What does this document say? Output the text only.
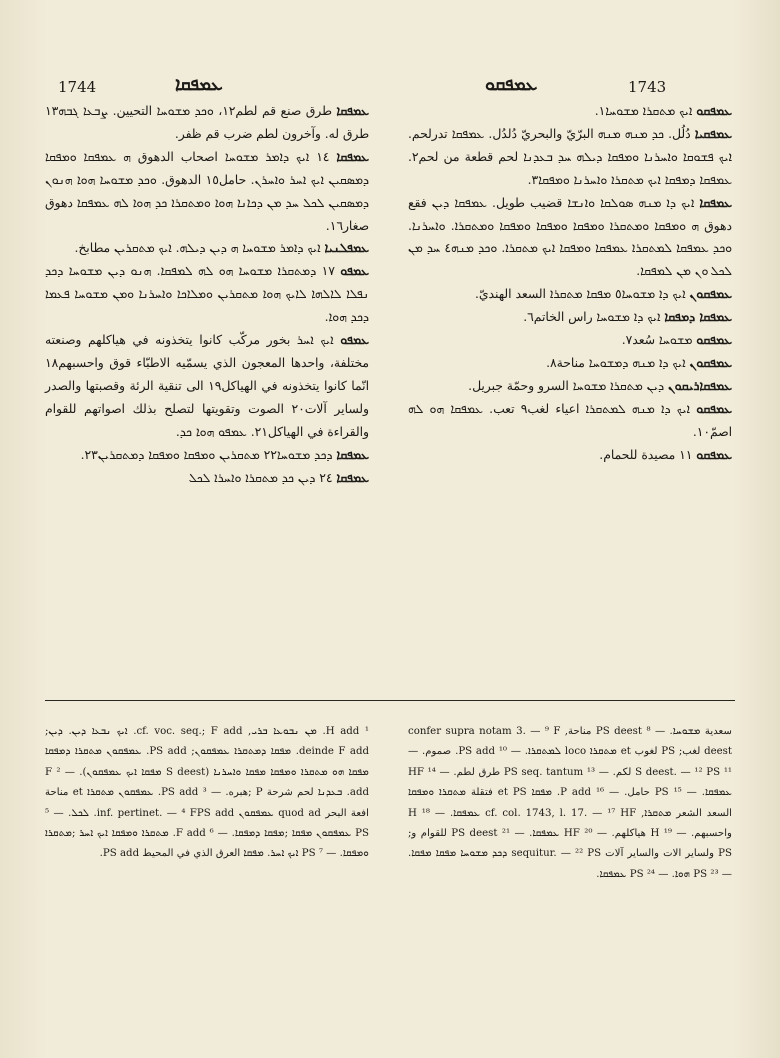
1744	ܥܡܦܩܐ	ܥܡܦܩܘ	1743

ܥܡܦܩܐ طرق صنع قم لطم١٢، ܘܟܕ ܡܫܘܚܐ التحيين. ܨܒܥܐ ܓܒܗ١٣ طرق له. وآخرون لطم ضرب قم ظفر.

ܥܡܦܩܐ ١٤ ܐܝܟ ܕܐܡܪ ܡܫܘܚܐ اصحاب الدهوق ܗ ܥܡܦܩܐ ܘܡܦܩܐ ܕܡܣܩܝܢ ܐܝܟ ܐܚܪ ܘܐܚܪܢ. حامل١٥ الدهوق. ܘܟܕ ܡܫܘܚܐ ܗܘܐ ܗܢܘܢ ܕܡܣܩܝܢ ܠܟܠ ܚܕ ܡܢ ܕܟܐܢܐ ܗܘܐ ܘܡܬܩܪܐ ܟܕ ܗܘܐ ܠܗ ܥܡܦܩܐ دهوق صغار١٦.

ܥܡܦܠܢܝܐ ܐܝܟ ܕܐܡܪ ܡܫܘܚܐ ܗ ܕܝܢ ܕܝܠܗ. ܐܝܟ ܡܬܩܪܝܢ مطابخ.

ܥܡܦܘ ١٧ ܕܡܬܩܪܐ ܡܫܘܚܐ ܗܘ ܠܗ ܠܡܦܩܐ. ܗܢܘ ܕܝܢ ܡܫܘܚܐ ܕܟܕ ܢܦܠܐ ܠܐܠܗܐ ܠܐܝܟ ܗܘܐ ܡܬܩܪܝܢ ܘܡܠܐܟܐ ܘܐܚܪܢܐ ܘܡܢ ܡܫܘܚܐ ܦܥܡܐ ܕܟܕ ܗܘܐ.

ܥܡܦܘ ܐܝܟ ܐܚܪ بخور مركّب كانوا يتخذونه في هياكلهم وصنعته مختلفة، واحدها المعجون الذي يسمّيه الاطبّاء قوق واحسبهم١٨ انّما كانوا يتخذونه في الهياكل١٩ الى تنقية الرئة وقصبتها والصدر ولساير آلات٢٠ الصوت وتقويتها لتصلح بذلك اصواتهم للقوام والقراءة في الهياكل٢١. ܥܡܦܘ ܗܘܐ ܟܕ.

ܥܡܦܩܐ ܕܟܕ ܡܫܘܚܐ٢٢ ܡܬܩܪܝܢ ܘܡܦܩܐ ܘܡܦܩܐ ܕܡܬܩܪܝܢ٢٣.

ܥܡܦܩܐ ٢٤ ܕܝܢ ܟܕ ܡܬܩܪܐ ܘܐܚܪܐ ܠܟܠ

ܥܡܦܩܘ ܐܝܟ ܡܬܩܪܐ ܡܫܘܚܐ١.

ܥܡܦܩܝܐ دُلُل. ܟܕ ܡܢܗ ܡܢܗ البرّيّ والبحريّ دُلدُل. ܥܡܦܩܐ تدرلحم. ܐܝܟ ܦܫܘܩܐ ܘܐܚܪܢܐ ܘܡܦܩܐ ܕܝܠܗ ܚܕ ܒܥܕܢܐ لحم قطعة من لحم٢. ܥܡܦܩܐ ܕܡܦܩܐ ܐܝܟ ܡܬܩܪܐ ܘܐܚܪܢܐ ܘܡܦܩܐ٣.

ܥܡܦܩܐ ܐܝܟ ܕܐ ܡܢܗ ܣܘܠܩܐ ܘܐܢܫܐ قضيب طويل. ܥܡܦܩܐ ܕܝܢ فقع دهوق ܗ ܘܡܦܩܐ ܘܡܬܩܪܐ ܘܡܦܩܐ ܘܡܦܩܐ ܘܡܦܩܐ ܘܡܬܩܪܐ. ܘܐܚܪܢܐ. ܘܟܕ ܥܡܦܩܐ ܠܡܬܩܪܐ ܥܡܦܩܐ ܘܡܦܩܐ ܐܝܟ ܡܬܩܪܐ. ܘܟܕ ܡܢܗ٤ ܚܕ ܡܢ ܠܟܠ ܘܢ ܡܢ ܠܡܦܩܐ.

ܥܡܦܩܘܢ ܐܝܟ ܕܐ ܡܫܘܚܐ٥ ܡܦܩܐ ܡܬܩܪܐ السعد الهنديّ.

ܥܡܦܩܐ ܕܡܦܩܐ ܐܝܟ ܕܐ ܡܫܘܚܐ راس الخاتم٦.

ܥܡܦܩܘ ܡܫܘܚܐ سُعد٧.

ܥܡܦܩܘܢ ܐܝܟ ܕܐ ܡܢܗ ܕܡܫܘܚܐ مناحة٨.

ܥܡܦܩܐܪܝܩܘܢ ܕܝܢ ܡܬܩܪܐ ܡܫܘܚܐ السرو وحمّة جبريل.

ܥܡܦܩܘ ܐܝܟ ܕܐ ܡܢܗ ܠܡܬܩܪܐ اعياء لغب٩ تعب. ܥܡܦܩܐ ܗܘ ܠܗ اصمّ١٠.

ܥܡܦܩܘ ١١ مصيدة للحمام.

¹ H add. ܡܢ ܢܒܘܥܐ ܒܪܝ, cf. voc. seq.; F add. ܐܝܟ ܢܒܥܐ ܕܝܢ. ܕܝܢ; deinde F add. ܡܦܩܐ ܕܡܬܩܪܐ ܥܡܦܩܘܢ; PS add. ܥܡܦܩܘܢ ܡܬܩܪܐ ܕܡܦܩܐ ܡܦܩܐ ܗܘ ܡܬܩܪܐ ܘܡܦܩܐ ܡܦܩܐ ܘܐܚܪܢܐ (S deest ܡܦܩܐ ܐܝܟ ܥܡܦܩܘܢ). — ² F add. ܒܥܕܢܐ لحم شرحة P ;هبره. — ³ PS add. ܥܡܦܩܘܢ ܡܬܩܪܐ et مناحة افعة البحر quod ad ܥܡܦܩܘܢ inf. pertinet. — ⁴ FPS add. ܠܟܠ. — ⁵ PS ܥܡܦܩܘܢ ܡܦܩܐ ;ܡܦܩܐ ܕܡܦܩܐ. — ⁶ F add. ܡܬܩܪܐ ܘܡܦܩܐ ܐܝܟ ܐܚܪ ;ܡܬܩܪܐ ܘܡܦܩܐ. — ⁷ PS ܐܝܟ ܐܚܪ. ܡܦܩܐ العرق الذي في المحيط PS add.
سعدية ܡܫܘܚܐ. — ⁸ PS deest مناحة, confer supra notam 3. — ⁹ F deest لغب; PS لغوب et ܡܬܩܪܐ loco ܠܡܬܩܪܐ. — ¹⁰ PS add. صموم. — ¹¹ S deest. — ¹² PS لكم. — ¹³ PS seq. tantum طرق لطم. — ¹⁴ HF ܥܡܦܩܐ. — ¹⁵ PS حامل. — ¹⁶ P add. ܡܦܩܐ et PS فتقلة ܡܬܩܪܐ ܘܡܦܩܐ السعد الشعر ܡܬܩܪܐ, cf. col. 1743, l. 17. — ¹⁷ HF ܥܡܦܩܐ. — ¹⁸ H واحسبهم. — ¹⁹ H هياكلهم. — ²⁰ HF ܥܡܦܩܐ. — ²¹ PS deest للقوام و; PS ولساير الات والساير آلات sequitur. — ²² PS ܕܟܕ ܡܫܘܚܐ ܡܦܩܐ ܡܦܩܐ. — ²³ PS ܗܘܐ. — ²⁴ PS ܥܡܦܩܐ.
